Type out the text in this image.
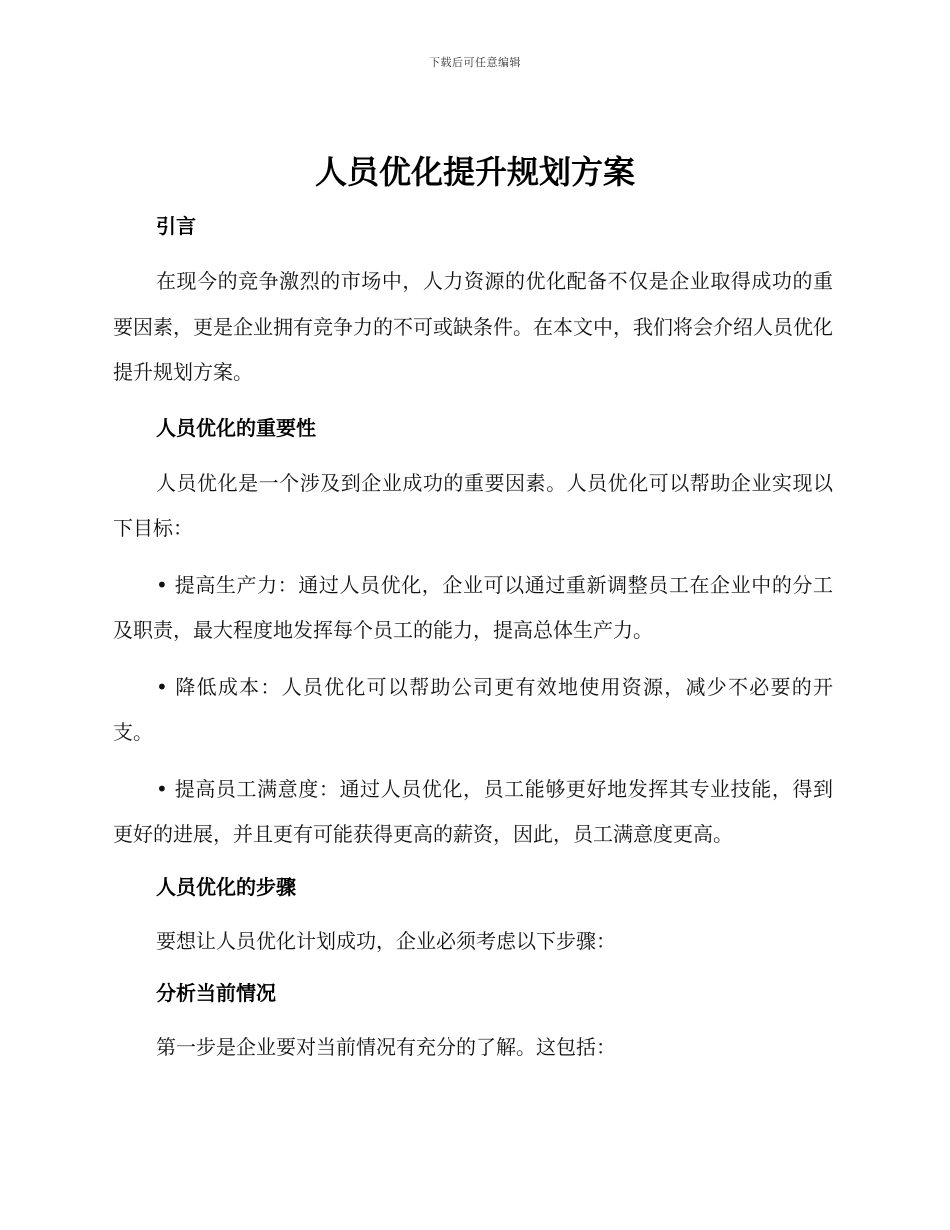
下载后可任意编辑
人员优化提升规划方案
引言

在现今的竞争激烈的市场中，人力资源的优化配备不仅是企业取得成功的重要因素，更是企业拥有竞争力的不可或缺条件。在本文中，我们将会介绍人员优化提升规划方案。

人员优化的重要性

人员优化是一个涉及到企业成功的重要因素。人员优化可以帮助企业实现以下目标：

• 提高生产力：通过人员优化，企业可以通过重新调整员工在企业中的分工及职责，最大程度地发挥每个员工的能力，提高总体生产力。

• 降低成本：人员优化可以帮助公司更有效地使用资源，减少不必要的开支。

• 提高员工满意度：通过人员优化，员工能够更好地发挥其专业技能，得到更好的进展，并且更有可能获得更高的薪资，因此，员工满意度更高。

人员优化的步骤

要想让人员优化计划成功，企业必须考虑以下步骤：

分析当前情况

第一步是企业要对当前情况有充分的了解。这包括：
